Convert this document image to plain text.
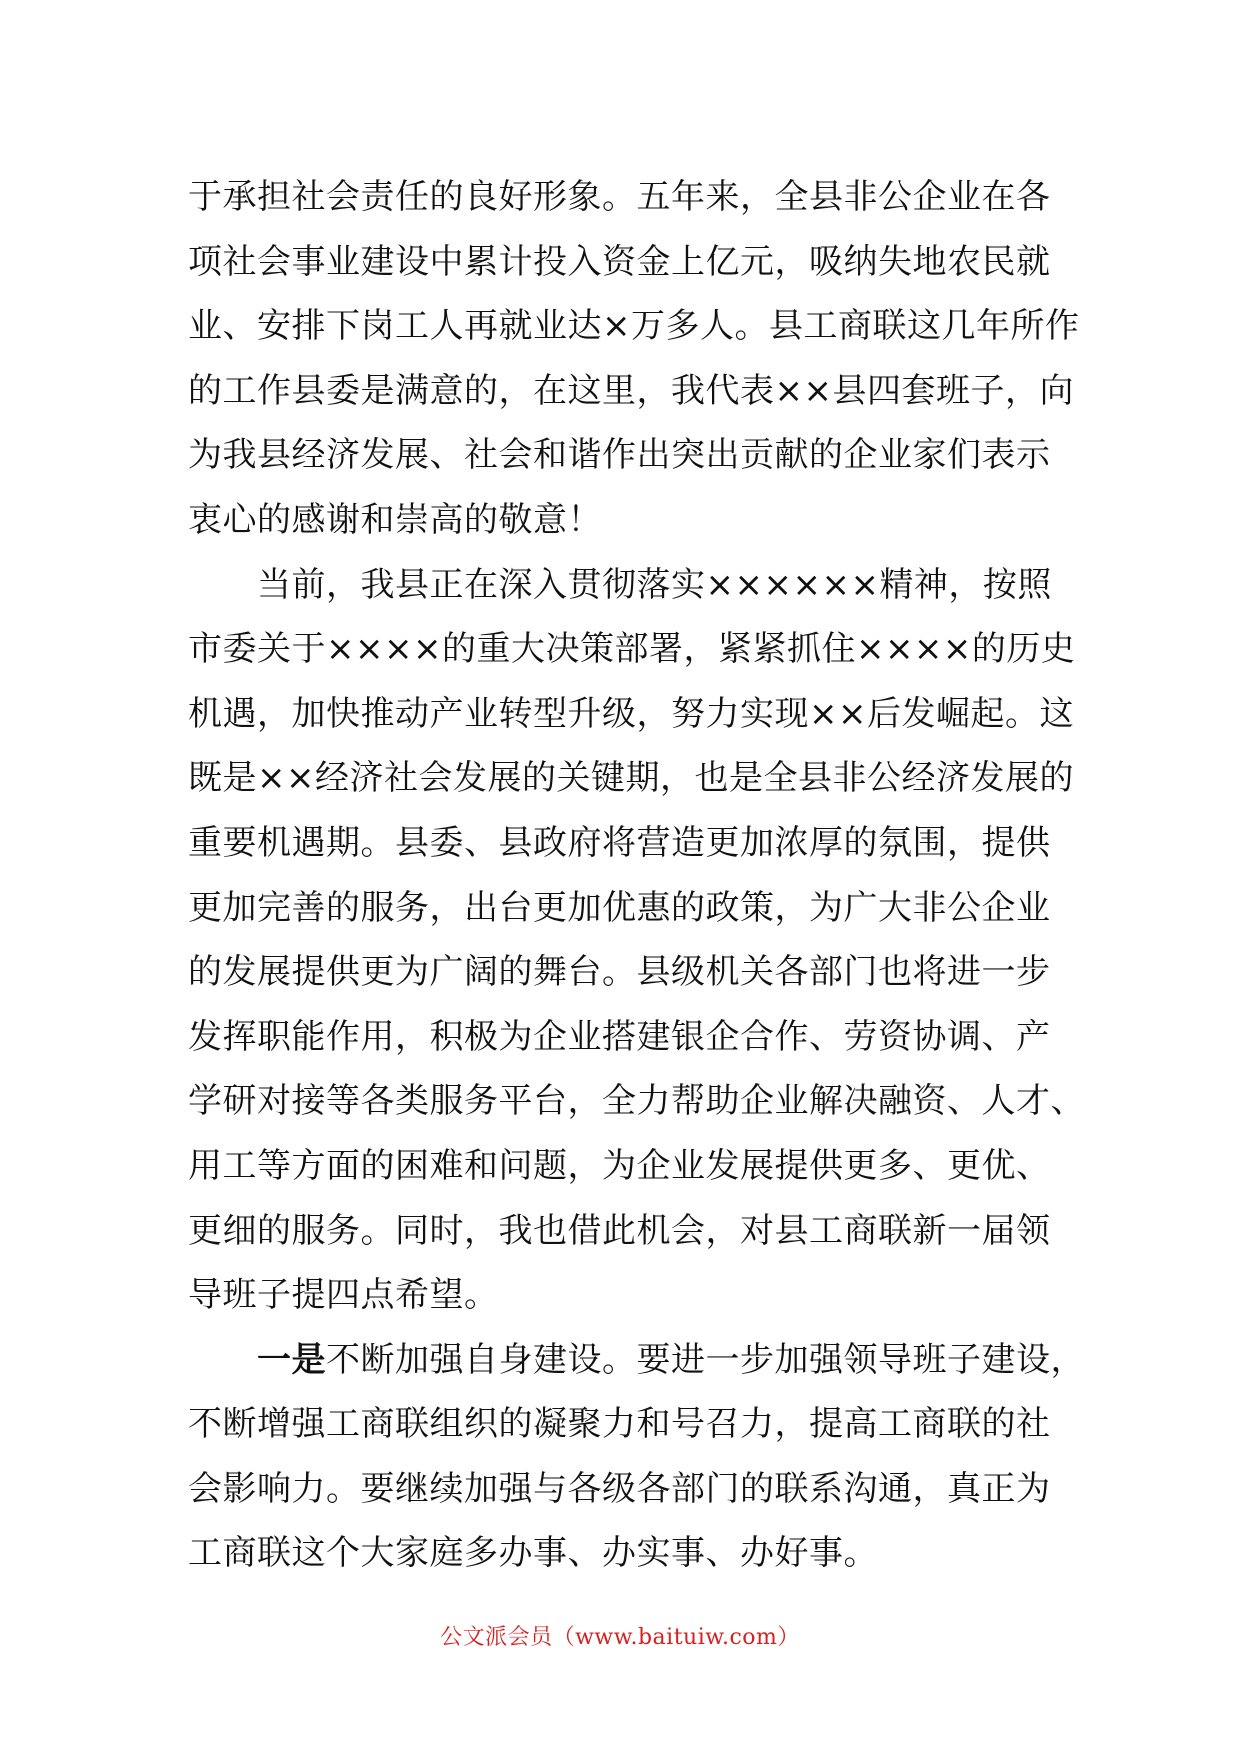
于承担社会责任的良好形象。五年来，全县非公企业在各
项社会事业建设中累计投入资金上亿元，吸纳失地农民就
业、安排下岗工人再就业达×万多人。县工商联这几年所作
的工作县委是满意的，在这里，我代表××县四套班子，向
为我县经济发展、社会和谐作出突出贡献的企业家们表示
衷心的感谢和崇高的敬意！
　　当前，我县正在深入贯彻落实××××××精神，按照
市委关于××××的重大决策部署，紧紧抓住××××的历史
机遇，加快推动产业转型升级，努力实现××后发崛起。这
既是××经济社会发展的关键期，也是全县非公经济发展的
重要机遇期。县委、县政府将营造更加浓厚的氛围，提供
更加完善的服务，出台更加优惠的政策，为广大非公企业
的发展提供更为广阔的舞台。县级机关各部门也将进一步
发挥职能作用，积极为企业搭建银企合作、劳资协调、产
学研对接等各类服务平台，全力帮助企业解决融资、人才、
用工等方面的困难和问题，为企业发展提供更多、更优、
更细的服务。同时，我也借此机会，对县工商联新一届领
导班子提四点希望。
　　一是不断加强自身建设。要进一步加强领导班子建设，
不断增强工商联组织的凝聚力和号召力，提高工商联的社
会影响力。要继续加强与各级各部门的联系沟通，真正为
工商联这个大家庭多办事、办实事、办好事。
公文派会员（www.baituiw.com）
